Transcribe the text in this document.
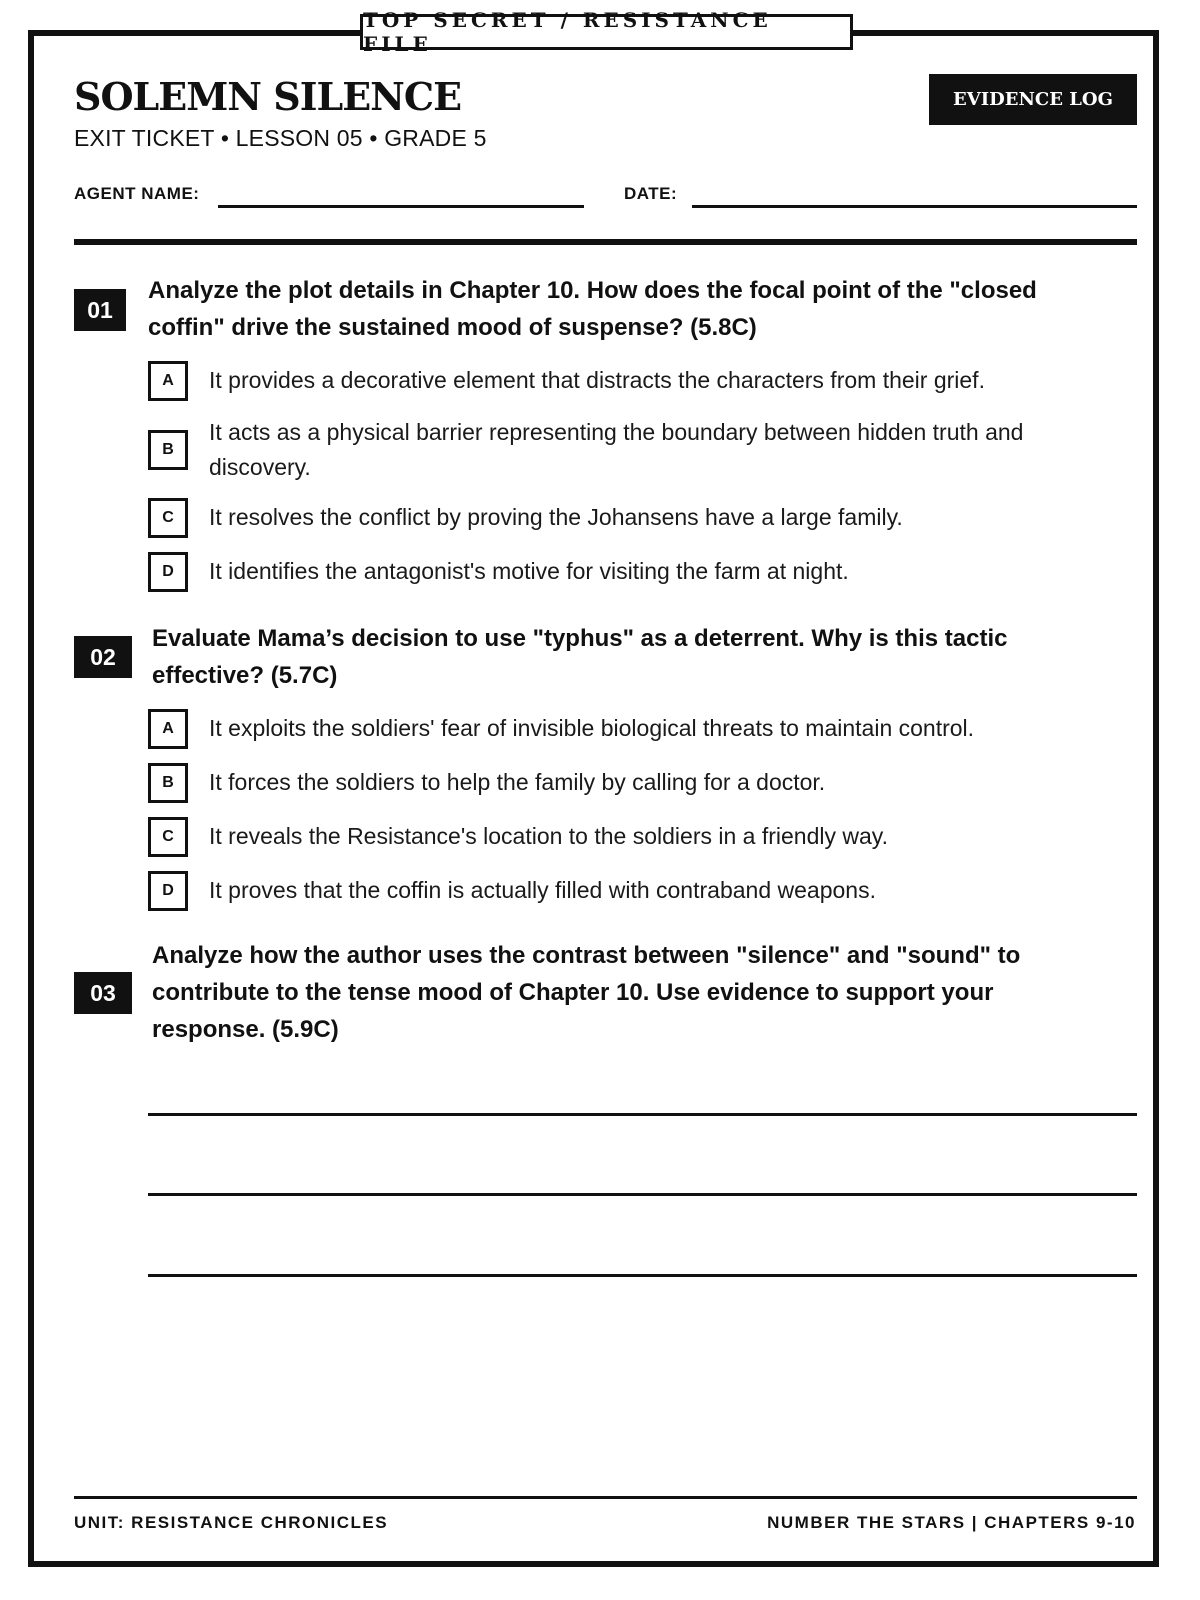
TOP SECRET / RESISTANCE FILE
SOLEMN SILENCE
EXIT TICKET • LESSON 05 • GRADE 5
EVIDENCE LOG
AGENT NAME:	DATE:
01
Analyze the plot details in Chapter 10. How does the focal point of the "closed coffin" drive the sustained mood of suspense? (5.8C)
A	It provides a decorative element that distracts the characters from their grief.
B
It acts as a physical barrier representing the boundary between hidden truth and discovery.
C	It resolves the conflict by proving the Johansens have a large family.
D	It identifies the antagonist's motive for visiting the farm at night.
02
Evaluate Mama’s decision to use "typhus" as a deterrent. Why is this tactic effective? (5.7C)
A	It exploits the soldiers' fear of invisible biological threats to maintain control.
B	It forces the soldiers to help the family by calling for a doctor.
C	It reveals the Resistance's location to the soldiers in a friendly way.
D	It proves that the coffin is actually filled with contraband weapons.
03
Analyze how the author uses the contrast between "silence" and "sound" to contribute to the tense mood of Chapter 10. Use evidence to support your response. (5.9C)
UNIT: RESISTANCE CHRONICLES	NUMBER THE STARS | CHAPTERS 9-10
